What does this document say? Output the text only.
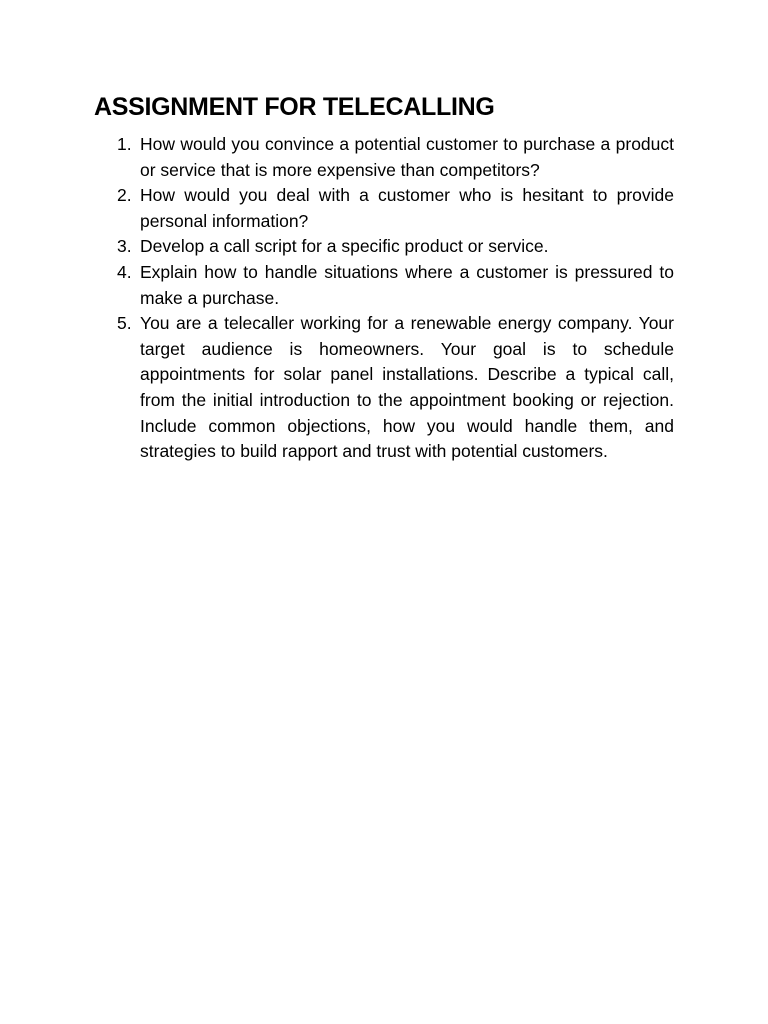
ASSIGNMENT FOR TELECALLING
1. How would you convince a potential customer to purchase a product or service that is more expensive than competitors?
2. How would you deal with a customer who is hesitant to provide personal information?
3. Develop a call script for a specific product or service.
4. Explain how to handle situations where a customer is pressured to make a purchase.
5. You are a telecaller working for a renewable energy company. Your target audience is homeowners. Your goal is to schedule appointments for solar panel installations. Describe a typical call, from the initial introduction to the appointment booking or rejection. Include common objections, how you would handle them, and strategies to build rapport and trust with potential customers.
